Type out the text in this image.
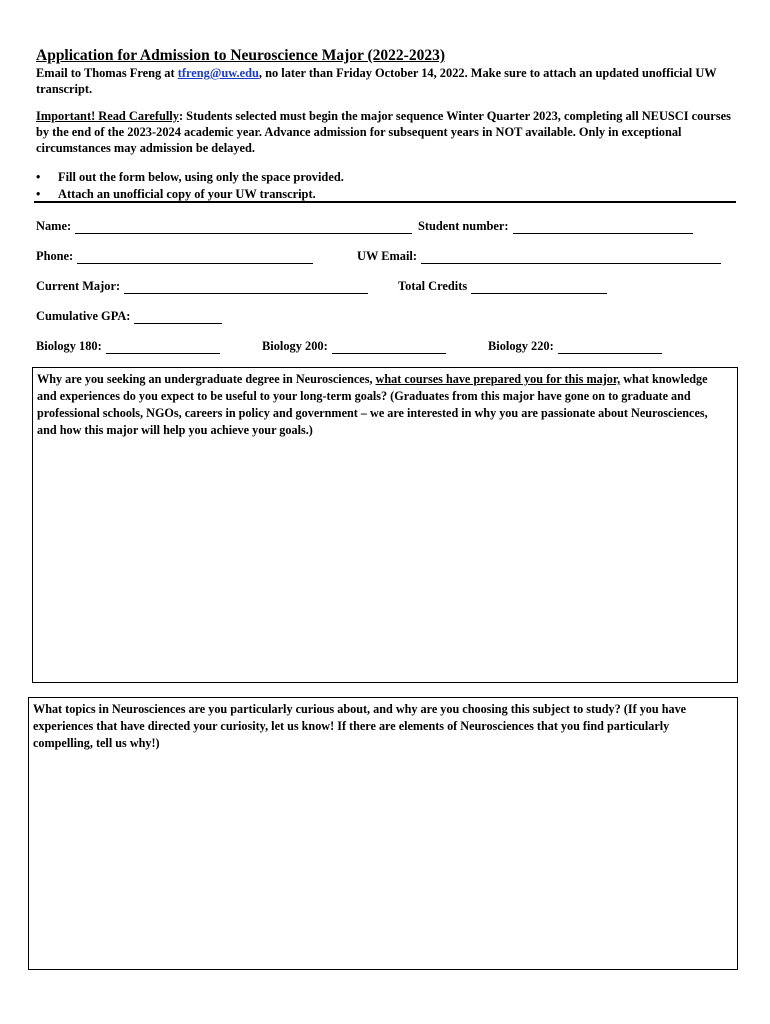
Application for Admission to Neuroscience Major (2022-2023)
Email to Thomas Freng at tfreng@uw.edu, no later than Friday October 14, 2022. Make sure to attach an updated unofficial UW transcript.
Important! Read Carefully: Students selected must begin the major sequence Winter Quarter 2023, completing all NEUSCI courses by the end of the 2023-2024 academic year. Advance admission for subsequent years in NOT available. Only in exceptional circumstances may admission be delayed.
•	Fill out the form below, using only the space provided.
•	Attach an unofficial copy of your UW transcript.
Name:	Student number:
Phone:	UW Email:
Current Major:	Total Credits
Cumulative GPA:
Biology 180:	Biology 200:	Biology 220:
Why are you seeking an undergraduate degree in Neurosciences, what courses have prepared you for this major, what knowledge and experiences do you expect to be useful to your long-term goals? (Graduates from this major have gone on to graduate and professional schools, NGOs, careers in policy and government – we are interested in why you are passionate about Neurosciences, and how this major will help you achieve your goals.)
What topics in Neurosciences are you particularly curious about, and why are you choosing this subject to study? (If you have experiences that have directed your curiosity, let us know! If there are elements of Neurosciences that you find particularly compelling, tell us why!)
